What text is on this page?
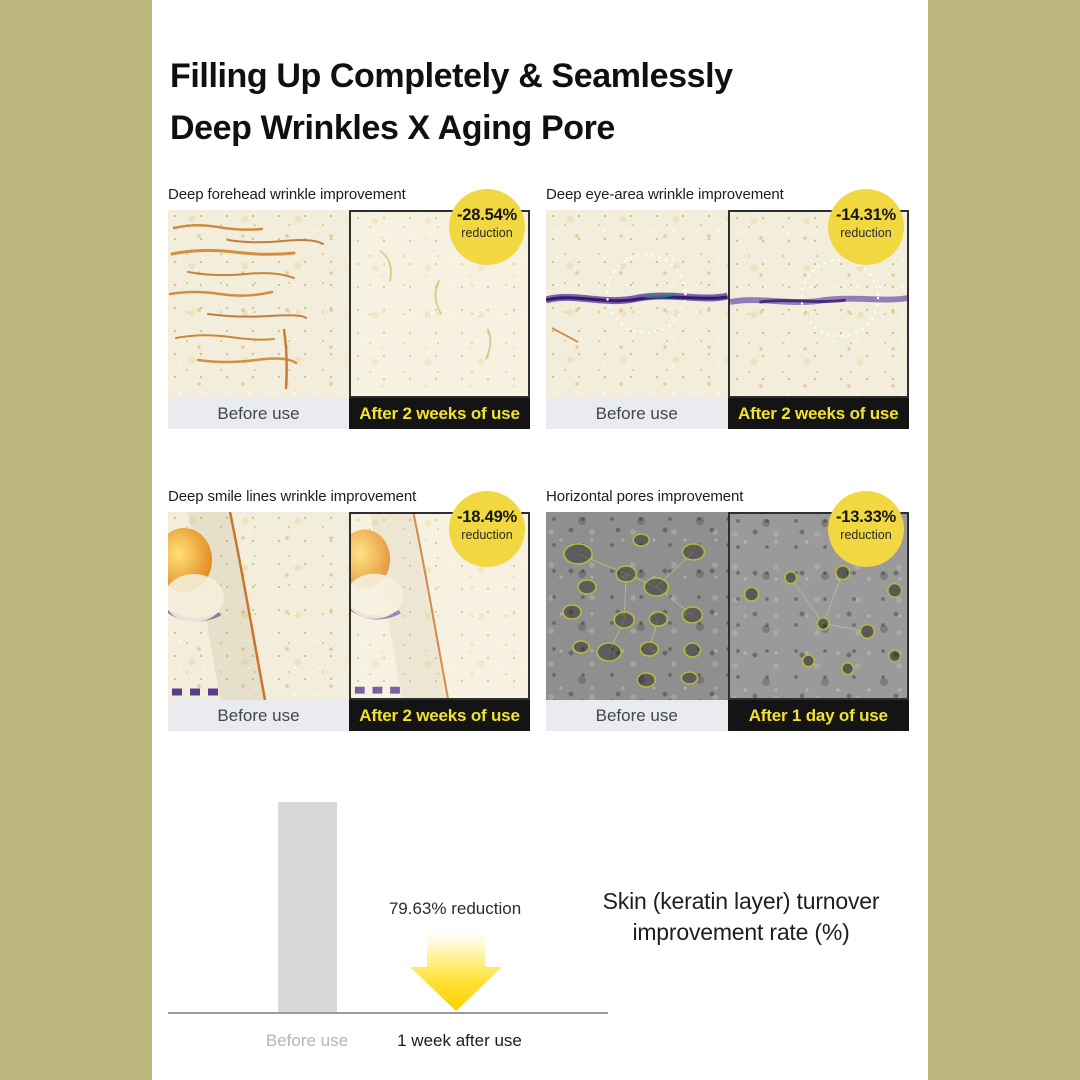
Filling Up Completely & Seamlessly
Deep Wrinkles X Aging Pore
Deep forehead wrinkle improvement
-28.54%
reduction
Before use	After 2 weeks of use
Deep eye-area wrinkle improvement
-14.31%
reduction
Before use	After 2 weeks of use
Deep smile lines wrinkle improvement
-18.49%
reduction
Before use	After 2 weeks of use
Horizontal pores improvement
-13.33%
reduction
Before use	After 1 day of use
79.63% reduction
Before use	1 week after use
Skin (keratin layer) turnover
improvement rate (%)
